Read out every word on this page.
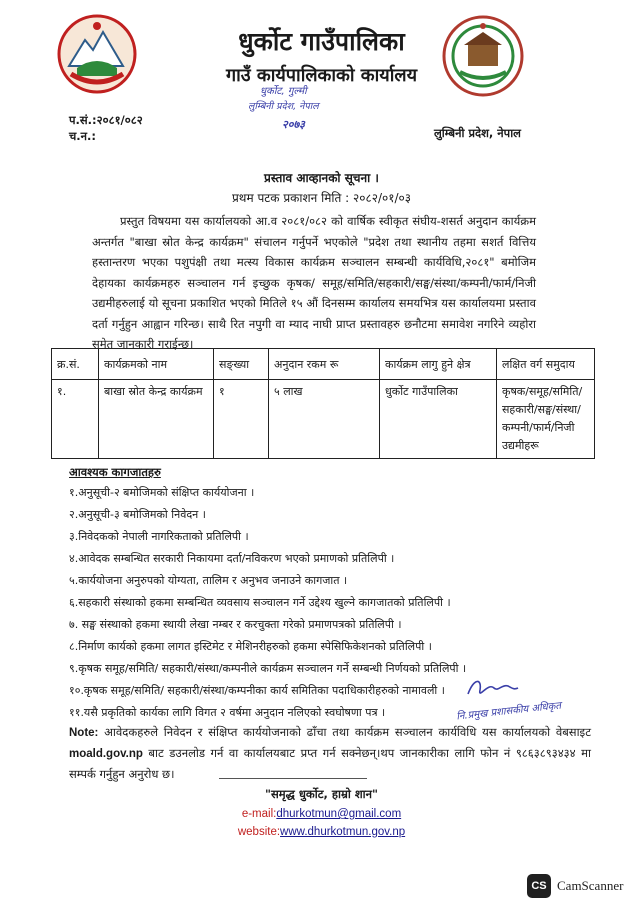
धुर्कोट गाउँपालिका
गाउँ कार्यपालिकाको कार्यालय
धुर्कोट, गुल्मी
लुम्बिनी प्रदेश, नेपाल
२०७३
प.सं.:२०८१/०८२
च.न.:	लुम्बिनी प्रदेश, नेपाल
प्रस्ताव आव्हानको सूचना ।
प्रथम पटक प्रकाशन मिति : २०८२/०१/०३
प्रस्तुत विषयमा यस कार्यालयको आ.व २०८१/०८२ को वार्षिक स्वीकृत संघीय-शसर्त अनुदान कार्यक्रम अन्तर्गत "बाखा स्रोत केन्द्र कार्यक्रम" संचालन गर्नुपर्ने भएकोले "प्रदेश तथा स्थानीय तहमा सशर्त वित्तिय हस्तान्तरण भएका पशुपंक्षी तथा मत्स्य विकास कार्यक्रम सञ्चालन सम्बन्धी कार्यविधि,२०८१" बमोजिम देहायका कार्यक्रमहरु सञ्चालन गर्न इच्छुक कृषक/ समूह/समिति/सहकारी/सङ्घ/संस्था/कम्पनी/फार्म/निजी उद्यमीहरुलाई यो सूचना प्रकाशित भएको मितिले १५ औं दिनसम्म कार्यालय समयभित्र यस कार्यालयमा प्रस्ताव दर्ता गर्नुहुन आह्वान गरिन्छ। साथै रित नपुगी वा म्याद नाघी प्राप्त प्रस्तावहरु छनौटमा समावेश नगरिने व्यहोरा समेत जानकारी गराईन्छ।
क्र.सं.	कार्यक्रमको नाम	सङ्ख्या	अनुदान रकम रू	कार्यक्रम लागु हुने क्षेत्र	लक्षित वर्ग समुदाय
१.	बाखा स्रोत केन्द्र कार्यक्रम	१	५ लाख	धुर्कोट गाउँपालिका	कृषक/समूह/समिति/सहकारी/सङ्घ/संस्था/कम्पनी/फार्म/निजी उद्यमीहरू
आवश्यक कागजातहरु
१.अनुसूची-२ बमोजिमको संक्षिप्त कार्ययोजना ।
२.अनुसूची-३ बमोजिमको निवेदन ।
३.निवेदकको नेपाली नागरिकताको प्रतिलिपी ।
४.आवेदक सम्बन्धित सरकारी निकायमा दर्ता/नविकरण भएको प्रमाणको प्रतिलिपी ।
५.कार्ययोजना अनुरुपको योग्यता, तालिम र अनुभव जनाउने कागजात ।
६.सहकारी संस्थाको हकमा सम्बन्धित व्यवसाय सञ्चालन गर्ने उद्देश्य खुल्ने कागजातको प्रतिलिपी ।
७. सङ्घ संस्थाको हकमा स्थायी लेखा नम्बर र करचुक्ता गरेको प्रमाणपत्रको प्रतिलिपी ।
८.निर्माण कार्यको हकमा लागत इस्टिमेट र मेशिनरीहरुको हकमा स्पेसिफिकेशनको प्रतिलिपी ।
९.कृषक समूह/समिति/ सहकारी/संस्था/कम्पनीले कार्यक्रम सञ्चालन गर्ने सम्बन्धी निर्णयको प्रतिलिपी ।
१०.कृषक समूह/समिति/ सहकारी/संस्था/कम्पनीका कार्य समितिका पदाधिकारीहरुको नामावली ।
११.यसै प्रकृतिको कार्यका लागि विगत २ वर्षमा अनुदान नलिएको स्वघोषणा पत्र ।	नि.प्रमुख प्रशासकीय अधिकृत
Note: आवेदकहरुले निवेदन र संक्षिप्त कार्ययोजनाको ढाँचा तथा कार्यक्रम सञ्चालन कार्यविधि यस कार्यालयको वेबसाइट moald.gov.np बाट डउनलोड गर्न वा कार्यालयबाट प्रप्त गर्न सक्नेछन्।थप जानकारीका लागि फोन नं ९८६३८९३४३४ मा सम्पर्क गर्नुहुन अनुरोध छ।
"समृद्ध धुर्कोट, हाम्रो शान"
e-mail:dhurkotmun@gmail.com
website:www.dhurkotmun.gov.np
CS CamScanner
